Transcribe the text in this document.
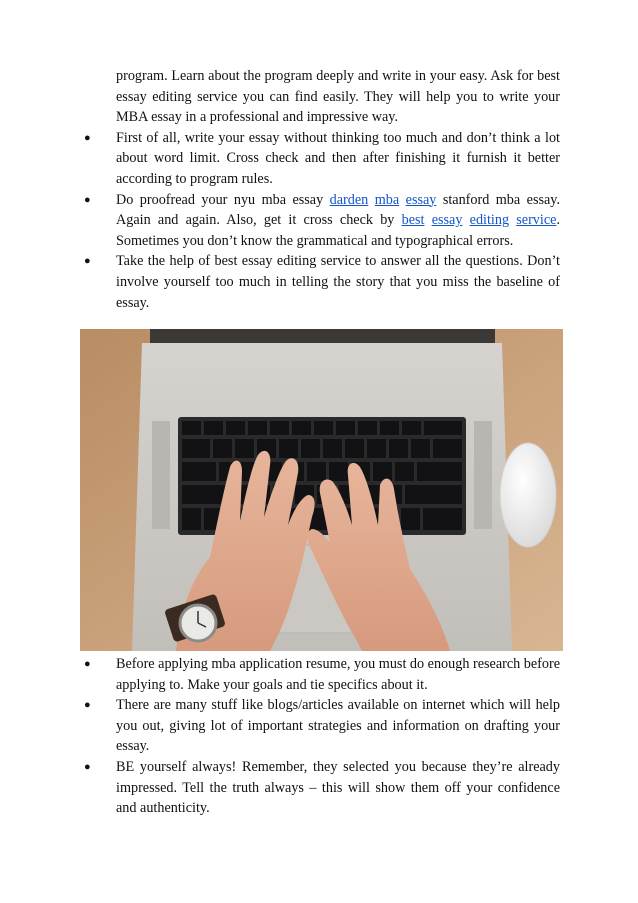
program. Learn about the program deeply and write in your easy. Ask for best essay editing service you can find easily. They will help you to write your MBA essay in a professional and impressive way.
● First of all, write your essay without thinking too much and don’t think a lot about word limit. Cross check and then after finishing it furnish it better according to program rules.
● Do proofread your nyu mba essay darden mba essay stanford mba essay. Again and again. Also, get it cross check by best essay editing service. Sometimes you don’t know the grammatical and typographical errors.
● Take the help of best essay editing service to answer all the questions. Don’t involve yourself too much in telling the story that you miss the baseline of essay.
● Before applying mba application resume, you must do enough research before applying to. Make your goals and tie specifics about it.
● There are many stuff like blogs/articles available on internet which will help you out, giving lot of important strategies and information on drafting your essay.
● BE yourself always! Remember, they selected you because they’re already impressed. Tell the truth always – this will show them off your confidence and authenticity.
